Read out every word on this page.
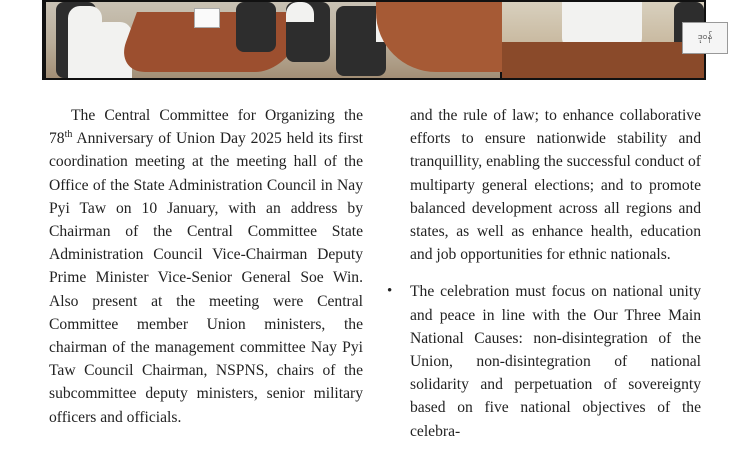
ဒုဝန်

The Central Committee for Organizing the 78th Anniversary of Union Day 2025 held its first coordination meeting at the meeting hall of the Office of the State Administration Council in Nay Pyi Taw on 10 January, with an address by Chairman of the Central Committee State Administration Council Vice-Chairman Deputy Prime Minister Vice-Senior General Soe Win. Also present at the meeting were Central Committee member Union ministers, the chairman of the management committee Nay Pyi Taw Council Chairman, NSPNS, chairs of the subcommittee deputy ministers, senior military officers and officials.

and the rule of law; to enhance collaborative efforts to ensure nationwide stability and tranquillity, enabling the successful conduct of multiparty general elections; and to promote balanced development across all regions and states, as well as enhance health, education and job opportunities for ethnic nationals.

• The celebration must focus on national unity and peace in line with the Our Three Main National Causes: non-disintegration of the Union, non-disintegration of national solidarity and perpetuation of sovereignty based on five national objectives of the celebra-
